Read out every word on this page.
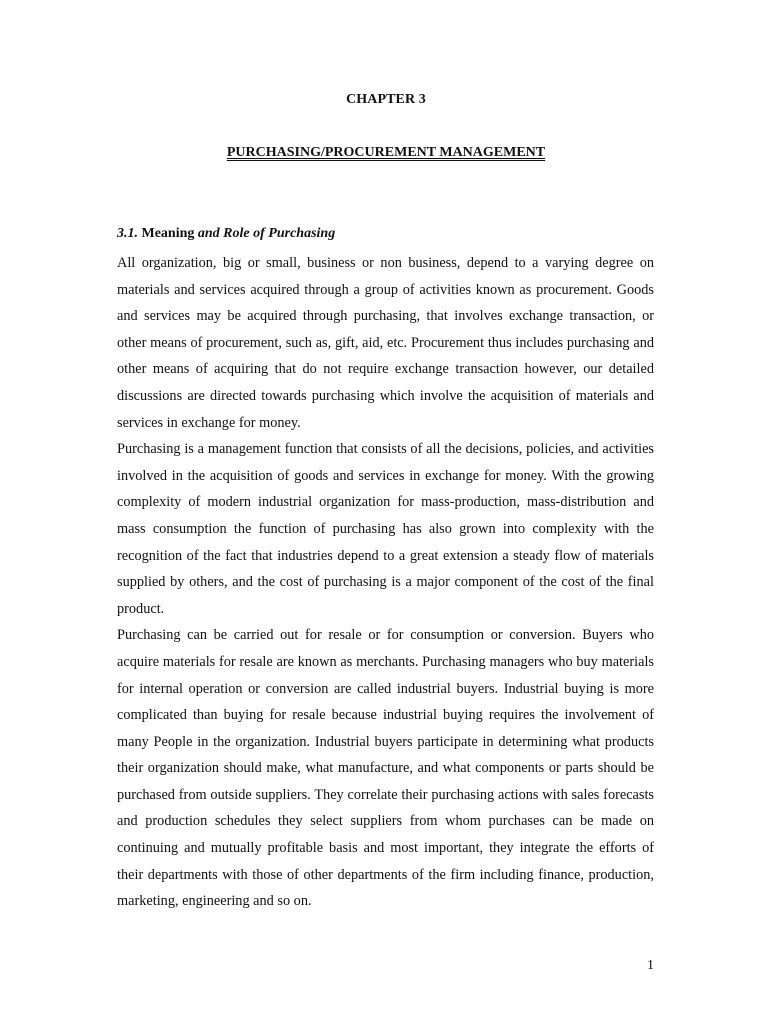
CHAPTER 3
PURCHASING/PROCUREMENT MANAGEMENT
3.1. Meaning and Role of Purchasing

All organization, big or small, business or non business, depend to a varying degree on materials and services acquired through a group of activities known as procurement. Goods and services may be acquired through purchasing, that involves exchange transaction, or other means of procurement, such as, gift, aid, etc. Procurement thus includes purchasing and other means of acquiring that do not require exchange transaction however, our detailed discussions are directed towards purchasing which involve the acquisition of materials and services in exchange for money.

Purchasing is a management function that consists of all the decisions, policies, and activities involved in the acquisition of goods and services in exchange for money. With the growing complexity of modern industrial organization for mass-production, mass-distribution and mass consumption the function of purchasing has also grown into complexity with the recognition of the fact that industries depend to a great extension a steady flow of materials supplied by others, and the cost of purchasing is a major component of the cost of the final product.

Purchasing can be carried out for resale or for consumption or conversion. Buyers who acquire materials for resale are known as merchants. Purchasing managers who buy materials for internal operation or conversion are called industrial buyers. Industrial buying is more complicated than buying for resale because industrial buying requires the involvement of many People in the organization. Industrial buyers participate in determining what products their organization should make, what manufacture, and what components or parts should be purchased from outside suppliers. They correlate their purchasing actions with sales forecasts and production schedules they select suppliers from whom purchases can be made on continuing and mutually profitable basis and most important, they integrate the efforts of their departments with those of other departments of the firm including finance, production, marketing, engineering and so on.

1
